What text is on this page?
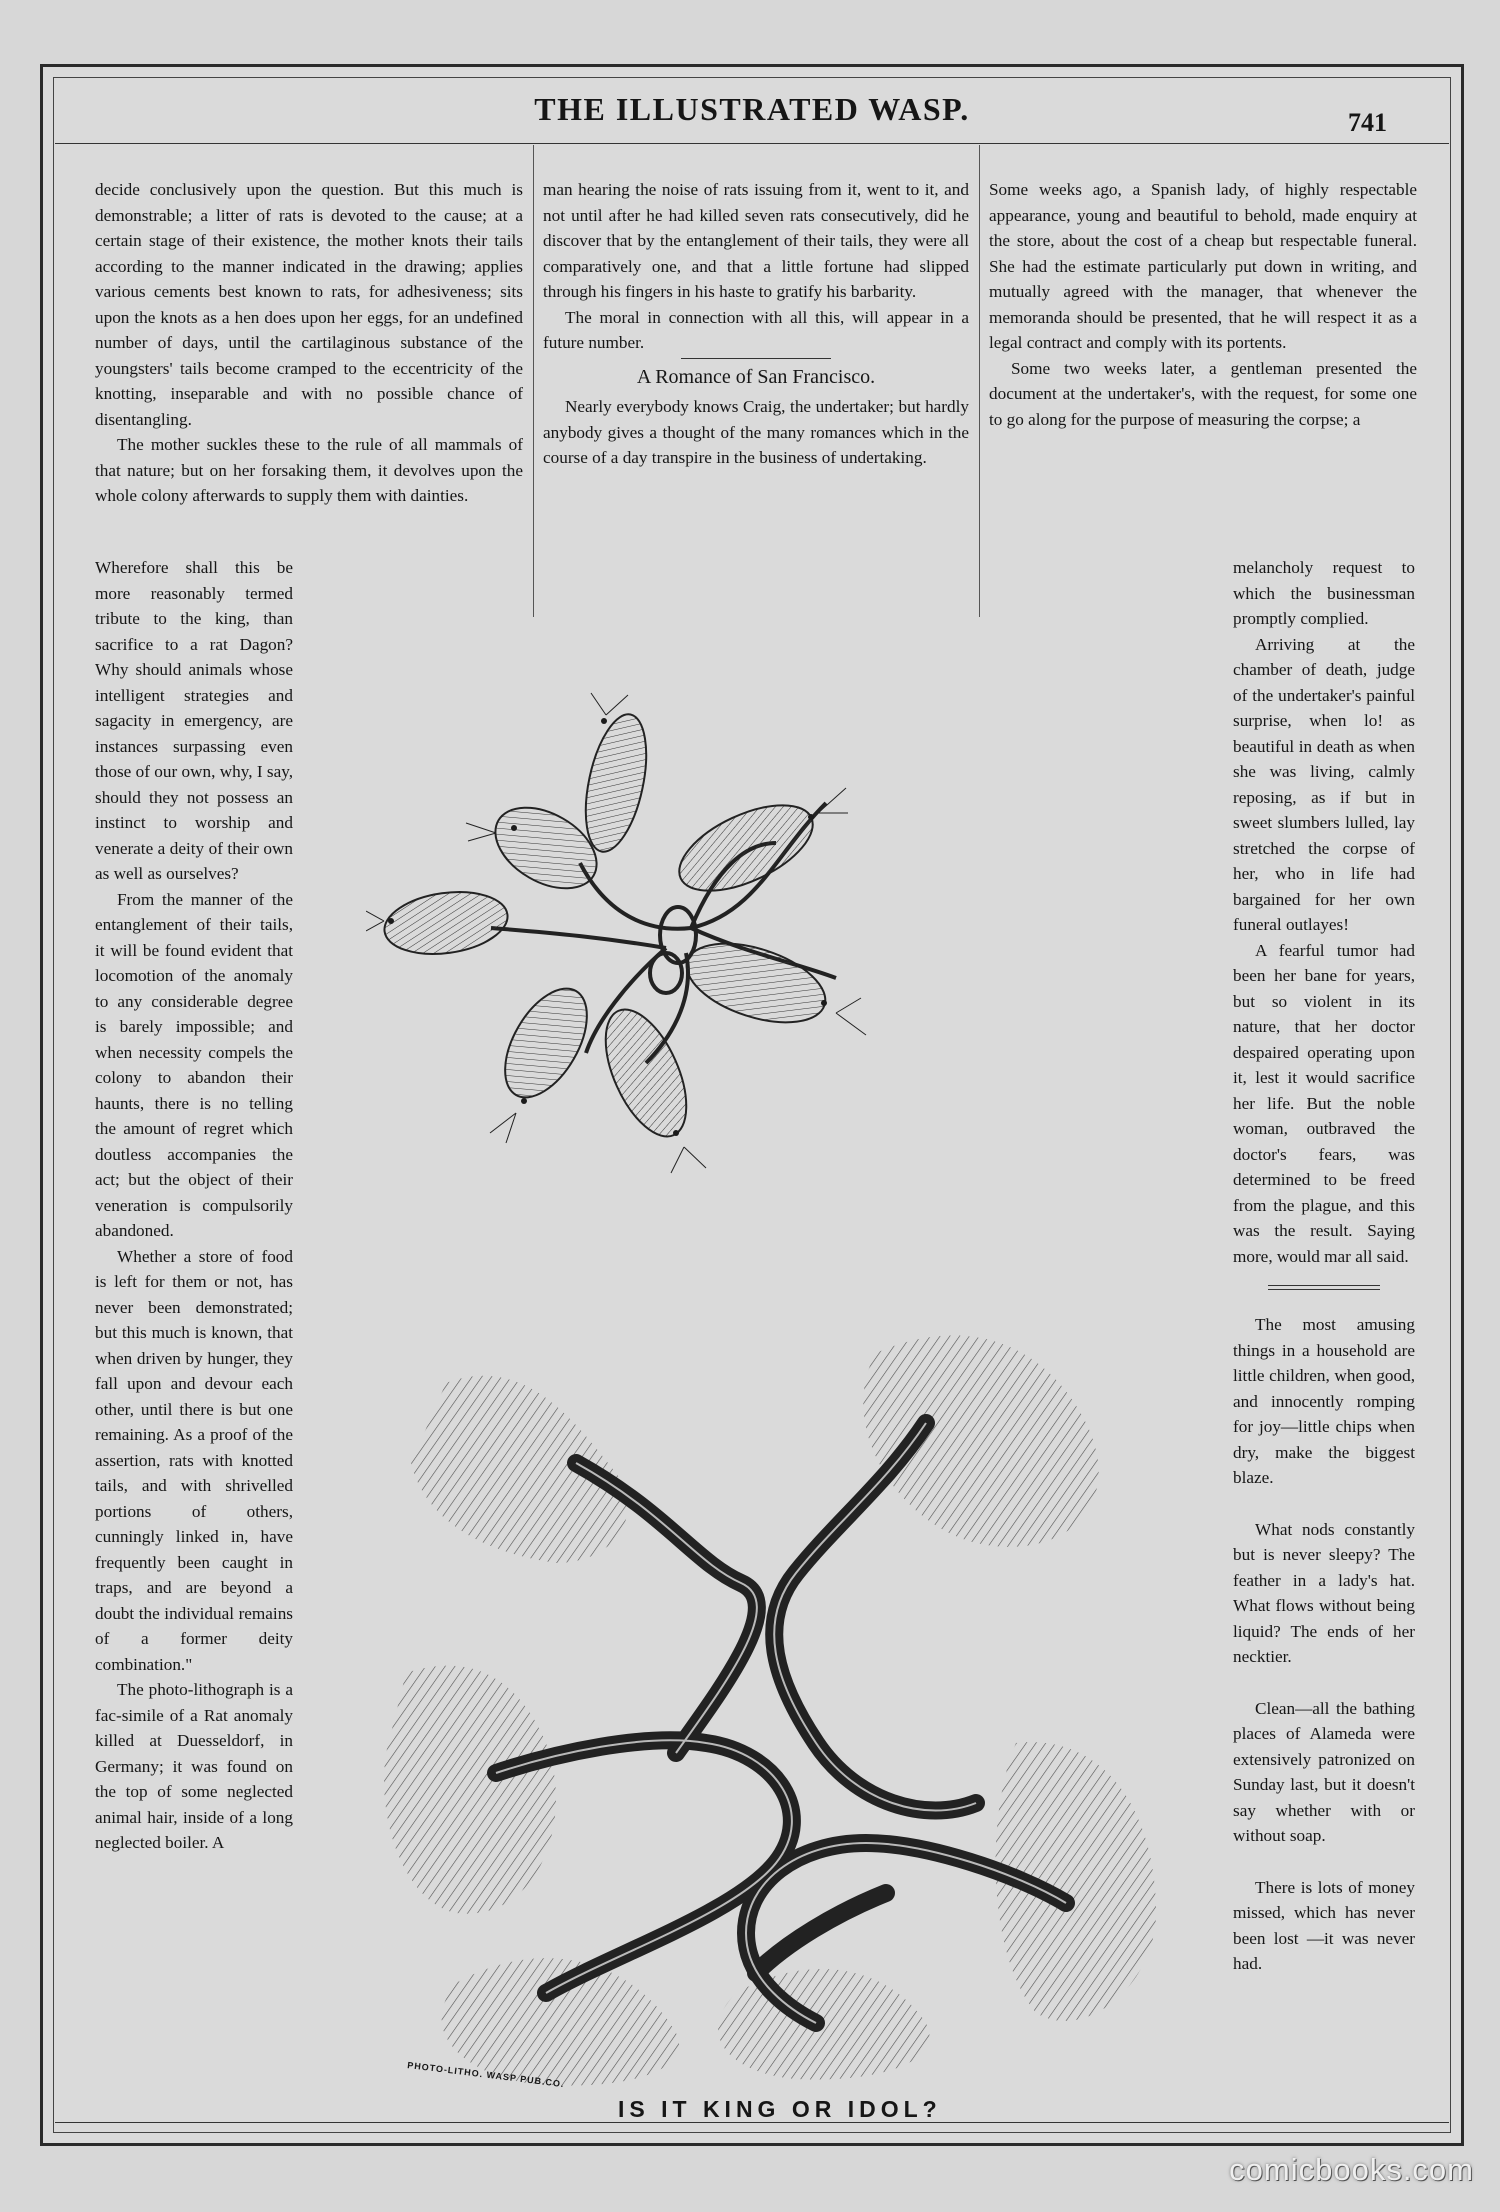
THE ILLUSTRATED WASP.	741

decide conclusively upon the question. But this much is demonstrable; a litter of rats is devoted to the cause; at a certain stage of their existence, the mother knots their tails according to the manner indicated in the drawing; applies various cements best known to rats, for adhesiveness; sits upon the knots as a hen does upon her eggs, for an undefined number of days, until the cartilaginous substance of the youngsters' tails become cramped to the eccentricity of the knotting, inseparable and with no possible chance of disentangling.

The mother suckles these to the rule of all mammals of that nature; but on her forsaking them, it devolves upon the whole colony afterwards to supply them with dainties.

Wherefore shall this be more reasonably termed tribute to the king, than sacrifice to a rat Dagon? Why should animals whose intelligent strategies and sagacity in emergency, are instances surpassing even those of our own, why, I say, should they not possess an instinct to worship and venerate a deity of their own as well as ourselves?

From the manner of the entanglement of their tails, it will be found evident that locomotion of the anomaly to any considerable degree is barely impossible; and when necessity compels the colony to abandon their haunts, there is no telling the amount of regret which doutless accompanies the act; but the object of their veneration is compulsorily abandoned.

Whether a store of food is left for them or not, has never been demonstrated; but this much is known, that when driven by hunger, they fall upon and devour each other, until there is but one remaining. As a proof of the assertion, rats with knotted tails, and with shrivelled portions of others, cunningly linked in, have frequently been caught in traps, and are beyond a doubt the individual remains of a former deity combination."

The photo-lithograph is a fac-simile of a Rat anomaly killed at Duesseldorf, in Germany; it was found on the top of some neglected animal hair, inside of a long neglected boiler. A

man hearing the noise of rats issuing from it, went to it, and not until after he had killed seven rats consecutively, did he discover that by the entanglement of their tails, they were all comparatively one, and that a little fortune had slipped through his fingers in his haste to gratify his barbarity.

The moral in connection with all this, will appear in a future number.

A Romance of San Francisco.

Nearly everybody knows Craig, the undertaker; but hardly anybody gives a thought of the many romances which in the course of a day transpire in the business of undertaking.

Some weeks ago, a Spanish lady, of highly respectable appearance, young and beautiful to behold, made enquiry at the store, about the cost of a cheap but respectable funeral. She had the estimate particularly put down in writing, and mutually agreed with the manager, that whenever the memoranda should be presented, that he will respect it as a legal contract and comply with its portents.

Some two weeks later, a gentleman presented the document at the undertaker's, with the request, for some one to go along for the purpose of measuring the corpse; a

melancholy request to which the businessman promptly complied.

Arriving at the chamber of death, judge of the undertaker's painful surprise, when lo! as beautiful in death as when she was living, calmly reposing, as if but in sweet slumbers lulled, lay stretched the corpse of her, who in life had bargained for her own funeral outlayes!

A fearful tumor had been her bane for years, but so violent in its nature, that her doctor despaired operating upon it, lest it would sacrifice her life. But the noble woman, outbraved the doctor's fears, was determined to be freed from the plague, and this was the result. Saying more, would mar all said.

The most amusing things in a household are little children, when good, and innocently romping for joy—little chips when dry, make the biggest blaze.

What nods constantly but is never sleepy? The feather in a lady's hat. What flows without being liquid? The ends of her necktier.

Clean—all the bathing places of Alameda were extensively patronized on Sunday last, but it doesn't say whether with or without soap.

There is lots of money missed, which has never been lost —it was never had.

PHOTO-LITHO. WASP PUB.CO.
IS IT KING OR IDOL?
comicbooks.com
